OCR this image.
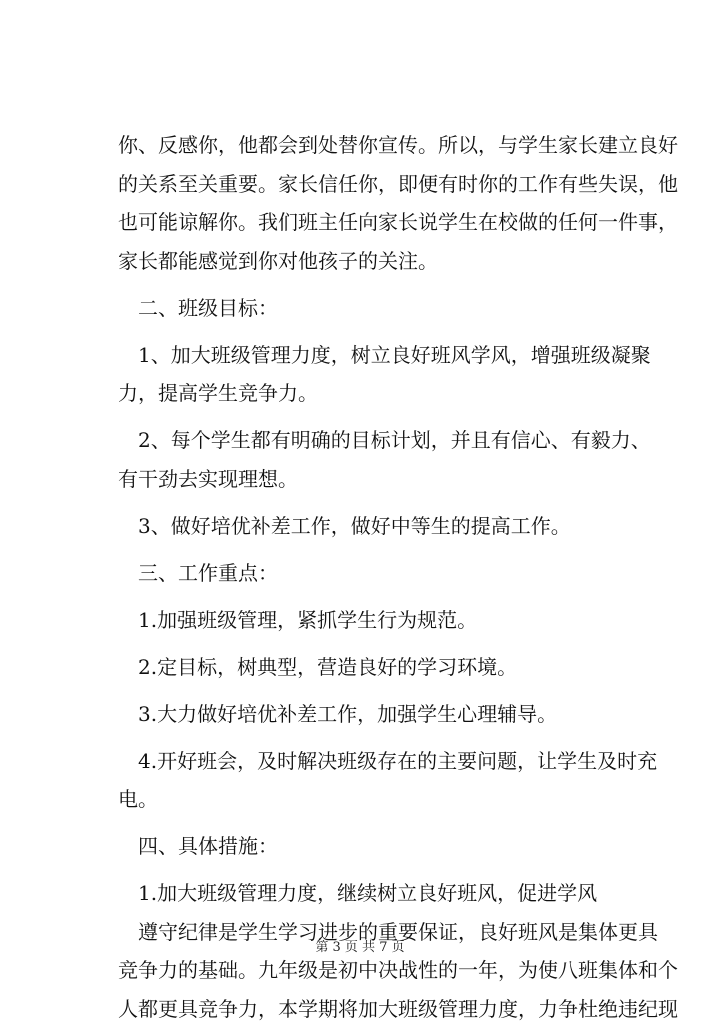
你、反感你，他都会到处替你宣传。所以，与学生家长建立良好
的关系至关重要。家长信任你，即便有时你的工作有些失误，他
也可能谅解你。我们班主任向家长说学生在校做的任何一件事，
家长都能感觉到你对他孩子的关注。
二、班级目标：
1、加大班级管理力度，树立良好班风学风，增强班级凝聚
力，提高学生竞争力。
2、每个学生都有明确的目标计划，并且有信心、有毅力、
有干劲去实现理想。
3、做好培优补差工作，做好中等生的提高工作。
三、工作重点：
1.加强班级管理，紧抓学生行为规范。
2.定目标，树典型，营造良好的学习环境。
3.大力做好培优补差工作，加强学生心理辅导。
4.开好班会，及时解决班级存在的主要问题，让学生及时充
电。
四、具体措施：
1.加大班级管理力度，继续树立良好班风，促进学风
遵守纪律是学生学习进步的重要保证，良好班风是集体更具
竞争力的基础。九年级是初中决战性的一年，为使八班集体和个
人都更具竞争力，本学期将加大班级管理力度，力争杜绝违纪现
第 3 页 共 7 页
